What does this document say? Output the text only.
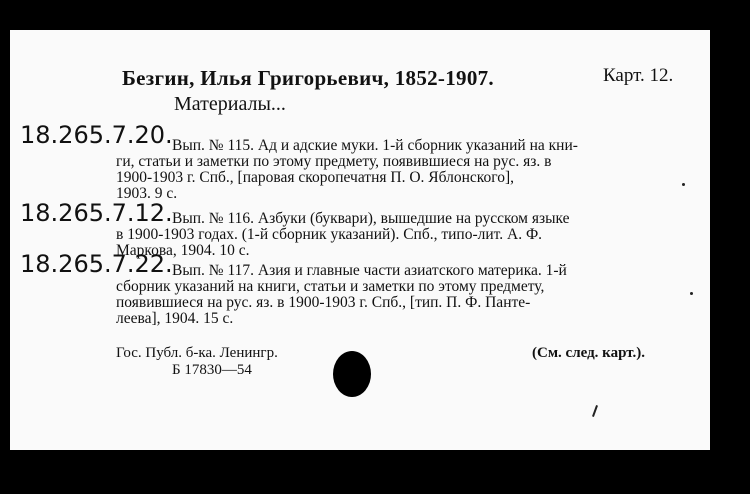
Безгин, Илья Григорьевич, 1852-1907.	Карт. 12.
Материалы...
18.265.7.20. Вып. № 115. Ад и адские муки. 1-й сборник указаний на кни-
ги, статьи и заметки по этому предмету, появившиеся на рус. яз. в
1900-1903 г. Спб., [паровая скоропечатня П. О. Яблонского],
1903. 9 с.
18.265.7.12. Вып. № 116. Азбуки (буквари), вышедшие на русском языке
в 1900-1903 годах. (1-й сборник указаний). Спб., типо-лит. А. Ф.
Маркова, 1904. 10 с.
18.265.7.22. Вып. № 117. Азия и главные части азиатского материка. 1-й
сборник указаний на книги, статьи и заметки по этому предмету,
появившиеся на рус. яз. в 1900-1903 г. Спб., [тип. П. Ф. Панте-
леева], 1904. 15 с.
Гос. Публ. б-ка. Ленингр.
Б 17830—54
(См. след. карт.).
